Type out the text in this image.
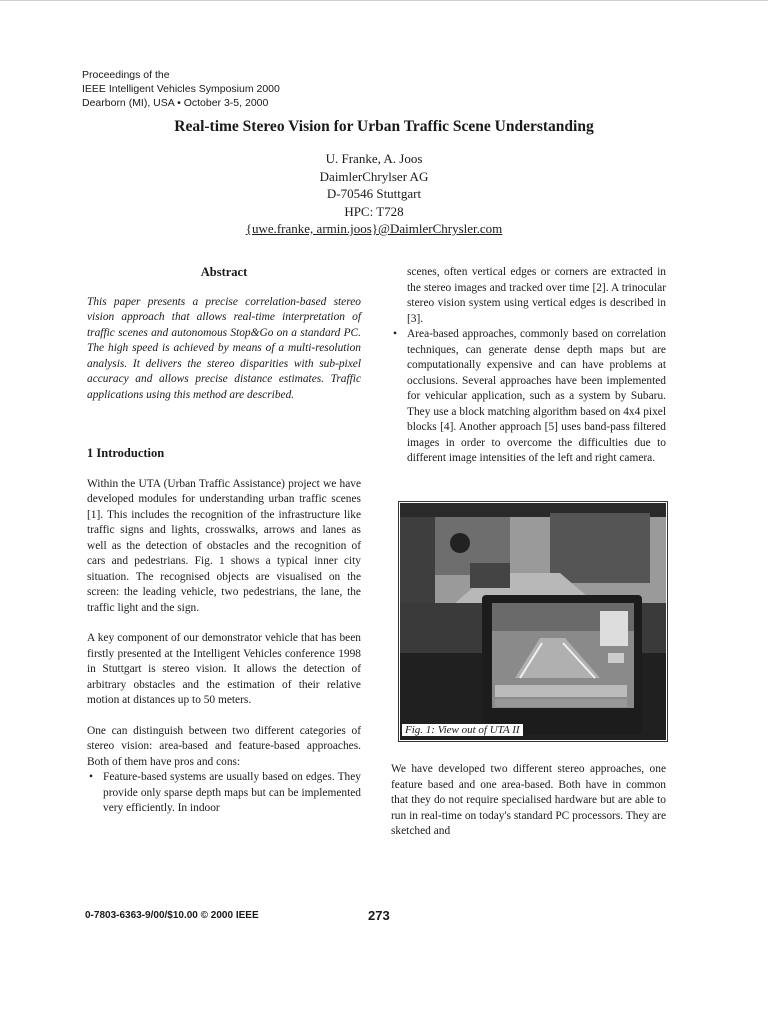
Proceedings of the
IEEE Intelligent Vehicles Symposium 2000
Dearborn (MI), USA • October 3-5, 2000
Real-time Stereo Vision for Urban Traffic Scene Understanding
U. Franke, A. Joos
DaimlerChrylser AG
D-70546 Stuttgart
HPC: T728
{uwe.franke, armin.joos}@DaimlerChrysler.com
Abstract

This paper presents a precise correlation-based stereo vision approach that allows real-time interpretation of traffic scenes and autonomous Stop&Go on a standard PC. The high speed is achieved by means of a multi-resolution analysis. It delivers the stereo disparities with sub-pixel accuracy and allows precise distance estimates. Traffic applications using this method are described.

1 Introduction

Within the UTA (Urban Traffic Assistance) project we have developed modules for understanding urban traffic scenes [1]. This includes the recognition of the infrastructure like traffic signs and lights, crosswalks, arrows and lanes as well as the detection of obstacles and the recognition of cars and pedestrians. Fig. 1 shows a typical inner city situation. The recognised objects are visualised on the screen: the leading vehicle, two pedestrians, the lane, the traffic light and the sign.

A key component of our demonstrator vehicle that has been firstly presented at the Intelligent Vehicles conference 1998 in Stuttgart is stereo vision. It allows the detection of arbitrary obstacles and the estimation of their relative motion at distances up to 50 meters.

One can distinguish between two different categories of stereo vision: area-based and feature-based approaches. Both of them have pros and cons:

• Feature-based systems are usually based on edges. They provide only sparse depth maps but can be implemented very efficiently. In indoor

scenes, often vertical edges or corners are extracted in the stereo images and tracked over time [2]. A trinocular stereo vision system using vertical edges is described in [3].

• Area-based approaches, commonly based on correlation techniques, can generate dense depth maps but are computationally expensive and can have problems at occlusions. Several approaches have been implemented for vehicular application, such as a system by Subaru. They use a block matching algorithm based on 4x4 pixel blocks [4]. Another approach [5] uses band-pass filtered images in order to overcome the difficulties due to different image intensities of the left and right camera.
Fig. 1: View out of UTA II

We have developed two different stereo approaches, one feature based and one area-based. Both have in common that they do not require specialised hardware but are able to run in real-time on today's standard PC processors. They are sketched and

0-7803-6363-9/00/$10.00 © 2000 IEEE	273
